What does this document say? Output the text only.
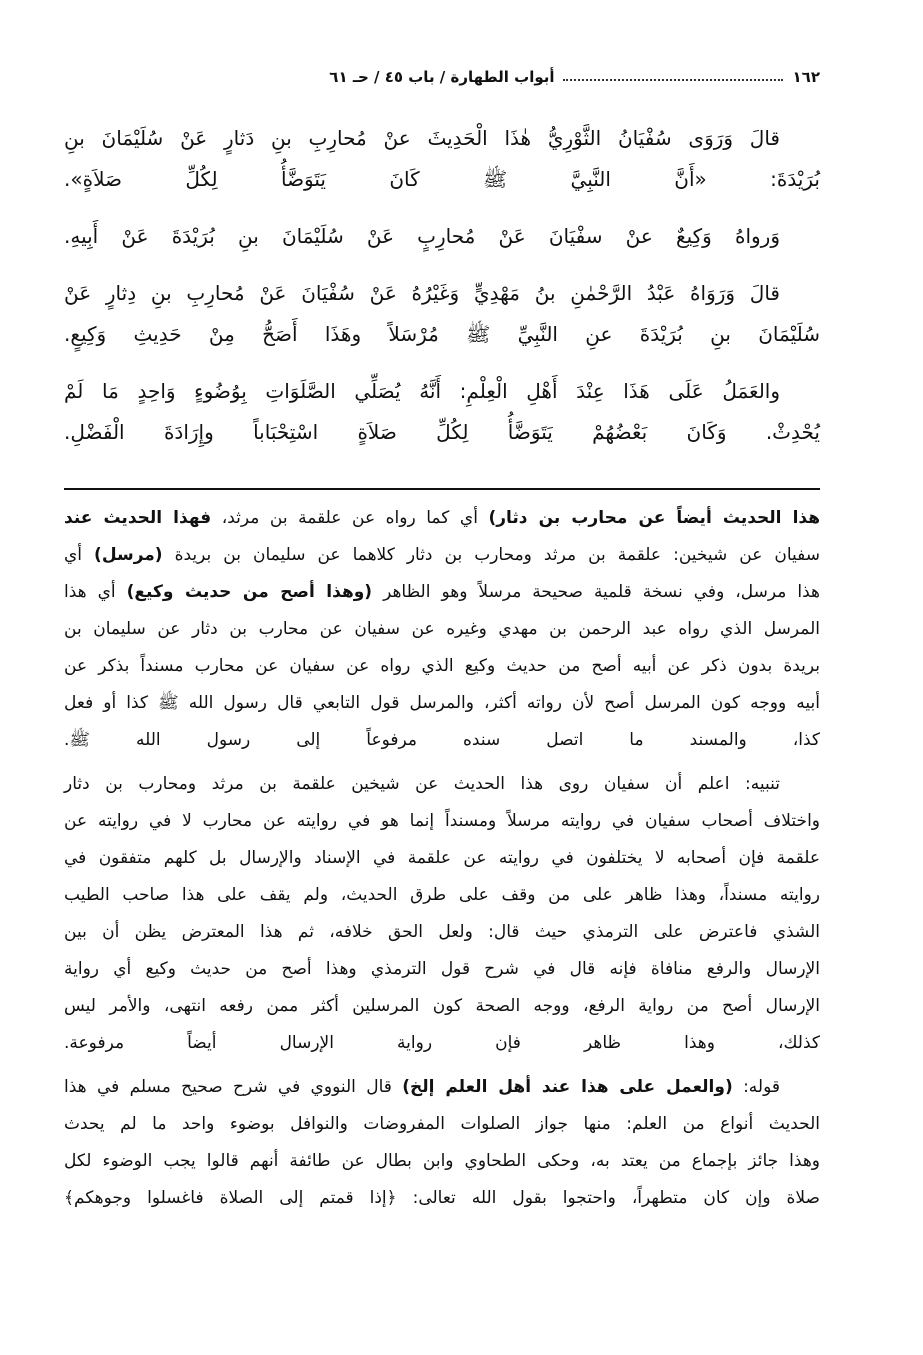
١٦٢
أبواب الطهارة / باب ٤٥ / حـ ٦١
قالَ وَرَوَى سُفْيَانُ الثَّوْرِيُّ هٰذَا الْحَدِيثَ عنْ مُحارِبِ بنِ دَثارٍ عَنْ سُلَيْمَانَ بنِ
بُرَيْدَةَ: «أَنَّ النَّبِيَّ ﷺ كَانَ يَتَوَضَّأُ لِكُلِّ صَلاَةٍ».
وَرواهُ وَكِيعٌ عنْ سفْيَانَ عَنْ مُحارِبٍ عَنْ سُلَيْمَانَ بنِ بُرَيْدَةَ عَنْ أَبِيهِ.
قالَ وَرَوَاهُ عَبْدُ الرَّحْمٰنِ بنُ مَهْدِيٍّ وَغَيْرُهُ عَنْ سُفْيَانَ عَنْ مُحارِبِ بنِ دِثارٍ عَنْ
سُلَيْمَانَ بنِ بُرَيْدَةَ عنِ النَّبِيِّ ﷺ مُرْسَلاً وهَذَا أَصَحُّ مِنْ حَدِيثِ وَكِيعٍ.
والعَمَلُ عَلَى هَذَا عِنْدَ أَهْلِ الْعِلْمِ: أَنَّهُ يُصَلِّي الصَّلَوَاتِ بِوُضُوءٍ وَاحِدٍ مَا لَمْ
يُحْدِثْ. وَكَانَ بَعْضُهُمْ يَتَوَضَّأُ لِكُلِّ صَلاَةٍ اسْتِحْبَاباً وإِرَادَةَ الْفَضْلِ.
هذا الحديث أيضاً عن محارب بن دثار) أي كما رواه عن علقمة بن مرثد، فهذا الحديث عند
سفيان عن شيخين: علقمة بن مرثد ومحارب بن دثار كلاهما عن سليمان بن بريدة (مرسل) أي
هذا مرسل، وفي نسخة قلمية صحيحة مرسلاً وهو الظاهر (وهذا أصح من حديث وكيع) أي هذا
المرسل الذي رواه عبد الرحمن بن مهدي وغيره عن سفيان عن محارب بن دثار عن سليمان بن
بريدة بدون ذكر عن أبيه أصح من حديث وكيع الذي رواه عن سفيان عن محارب مسنداً بذكر عن
أبيه ووجه كون المرسل أصح لأن رواته أكثر، والمرسل قول التابعي قال رسول الله ﷺ كذا أو فعل
كذا، والمسند ما اتصل سنده مرفوعاً إلى رسول الله ﷺ.
تنبيه: اعلم أن سفيان روى هذا الحديث عن شيخين علقمة بن مرثد ومحارب بن دثار
واختلاف أصحاب سفيان في روايته مرسلاً ومسنداً إنما هو في روايته عن محارب لا في روايته عن
علقمة فإن أصحابه لا يختلفون في روايته عن علقمة في الإسناد والإرسال بل كلهم متفقون في
روايته مسنداً، وهذا ظاهر على من وقف على طرق الحديث، ولم يقف على هذا صاحب الطيب
الشذي فاعترض على الترمذي حيث قال: ولعل الحق خلافه، ثم هذا المعترض يظن أن بين
الإرسال والرفع منافاة فإنه قال في شرح قول الترمذي وهذا أصح من حديث وكيع أي رواية
الإرسال أصح من رواية الرفع، ووجه الصحة كون المرسلين أكثر ممن رفعه انتهى، والأمر ليس
كذلك، وهذا ظاهر فإن رواية الإرسال أيضاً مرفوعة.
قوله: (والعمل على هذا عند أهل العلم إلخ) قال النووي في شرح صحيح مسلم في هذا
الحديث أنواع من العلم: منها جواز الصلوات المفروضات والنوافل بوضوء واحد ما لم يحدث
وهذا جائز بإجماع من يعتد به، وحكى الطحاوي وابن بطال عن طائفة أنهم قالوا يجب الوضوء لكل
صلاة وإن كان متطهراً، واحتجوا بقول الله تعالى: ﴿إذا قمتم إلى الصلاة فاغسلوا وجوهكم﴾
